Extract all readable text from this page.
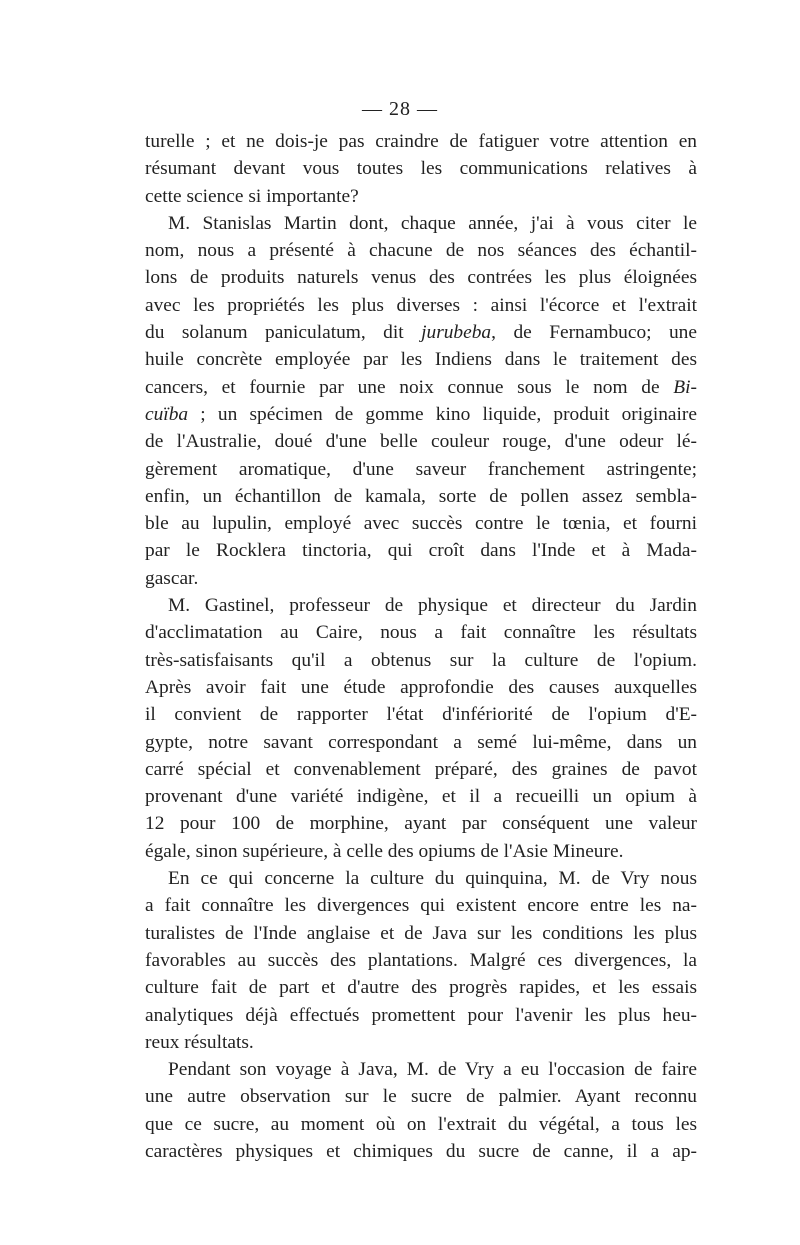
— 28 —
turelle ; et ne dois-je pas craindre de fatiguer votre attention en
résumant devant vous toutes les communications relatives à
cette science si importante?
M. Stanislas Martin dont, chaque année, j'ai à vous citer le
nom, nous a présenté à chacune de nos séances des échantil-
lons de produits naturels venus des contrées les plus éloignées
avec les propriétés les plus diverses : ainsi l'écorce et l'extrait
du solanum paniculatum, dit jurubeba, de Fernambuco; une
huile concrète employée par les Indiens dans le traitement des
cancers, et fournie par une noix connue sous le nom de Bi-
cuïba ; un spécimen de gomme kino liquide, produit originaire
de l'Australie, doué d'une belle couleur rouge, d'une odeur lé-
gèrement aromatique, d'une saveur franchement astringente;
enfin, un échantillon de kamala, sorte de pollen assez sembla-
ble au lupulin, employé avec succès contre le tœnia, et fourni
par le Rocklera tinctoria, qui croît dans l'Inde et à Mada-
gascar.
M. Gastinel, professeur de physique et directeur du Jardin
d'acclimatation au Caire, nous a fait connaître les résultats
très-satisfaisants qu'il a obtenus sur la culture de l'opium.
Après avoir fait une étude approfondie des causes auxquelles
il convient de rapporter l'état d'infériorité de l'opium d'E-
gypte, notre savant correspondant a semé lui-même, dans un
carré spécial et convenablement préparé, des graines de pavot
provenant d'une variété indigène, et il a recueilli un opium à
12 pour 100 de morphine, ayant par conséquent une valeur
égale, sinon supérieure, à celle des opiums de l'Asie Mineure.
En ce qui concerne la culture du quinquina, M. de Vry nous
a fait connaître les divergences qui existent encore entre les na-
turalistes de l'Inde anglaise et de Java sur les conditions les plus
favorables au succès des plantations. Malgré ces divergences, la
culture fait de part et d'autre des progrès rapides, et les essais
analytiques déjà effectués promettent pour l'avenir les plus heu-
reux résultats.
Pendant son voyage à Java, M. de Vry a eu l'occasion de faire
une autre observation sur le sucre de palmier. Ayant reconnu
que ce sucre, au moment où on l'extrait du végétal, a tous les
caractères physiques et chimiques du sucre de canne, il a ap-
